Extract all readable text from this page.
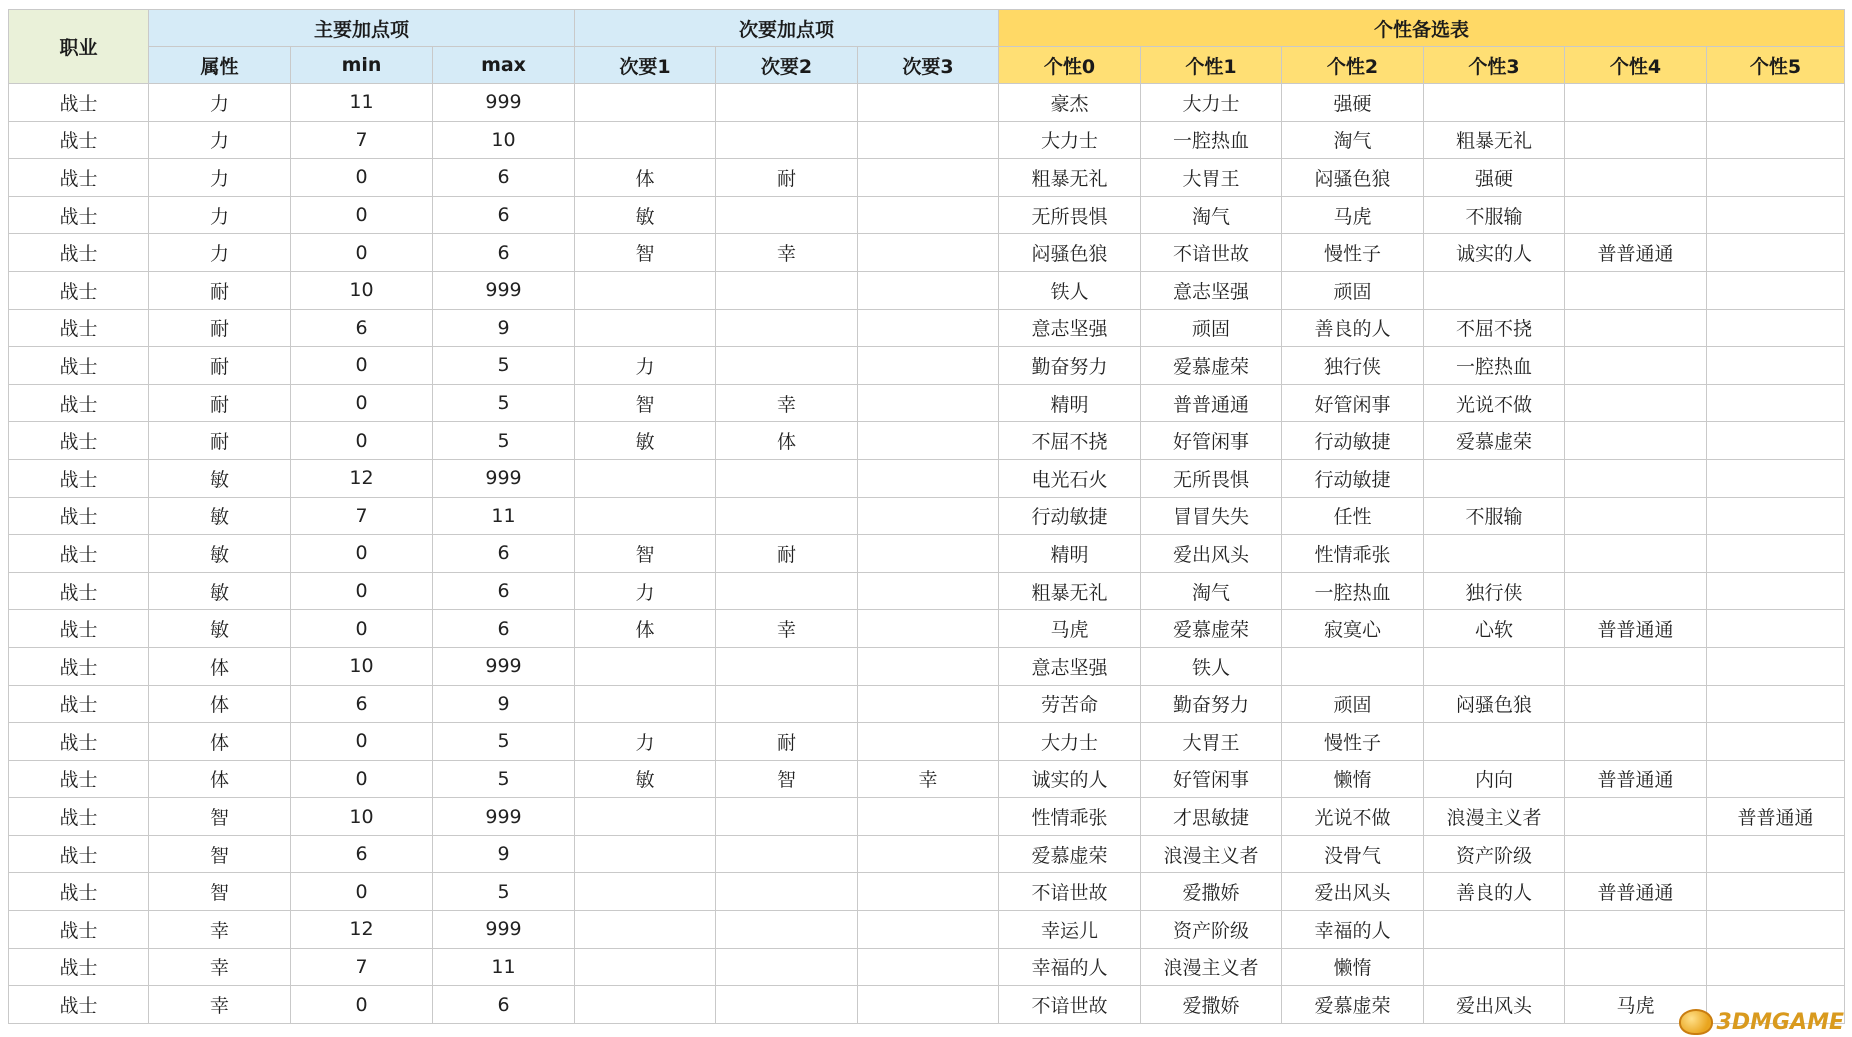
职业	主要加点项			次要加点项			个性备选表					
	属性	min	max	次要1	次要2	次要3	个性0	个性1	个性2	个性3	个性4	个性5
战士	力	11	999				豪杰	大力士	强硬			
战士	力	7	10				大力士	一腔热血	淘气	粗暴无礼		
战士	力	0	6	体	耐		粗暴无礼	大胃王	闷骚色狼	强硬		
战士	力	0	6	敏			无所畏惧	淘气	马虎	不服输		
战士	力	0	6	智	幸		闷骚色狼	不谙世故	慢性子	诚实的人	普普通通	
战士	耐	10	999				铁人	意志坚强	顽固			
战士	耐	6	9				意志坚强	顽固	善良的人	不屈不挠		
战士	耐	0	5	力			勤奋努力	爱慕虚荣	独行侠	一腔热血		
战士	耐	0	5	智	幸		精明	普普通通	好管闲事	光说不做		
战士	耐	0	5	敏	体		不屈不挠	好管闲事	行动敏捷	爱慕虚荣		
战士	敏	12	999				电光石火	无所畏惧	行动敏捷			
战士	敏	7	11				行动敏捷	冒冒失失	任性	不服输		
战士	敏	0	6	智	耐		精明	爱出风头	性情乖张			
战士	敏	0	6	力			粗暴无礼	淘气	一腔热血	独行侠		
战士	敏	0	6	体	幸		马虎	爱慕虚荣	寂寞心	心软	普普通通	
战士	体	10	999				意志坚强	铁人				
战士	体	6	9				劳苦命	勤奋努力	顽固	闷骚色狼		
战士	体	0	5	力	耐		大力士	大胃王	慢性子			
战士	体	0	5	敏	智	幸	诚实的人	好管闲事	懒惰	内向	普普通通	
战士	智	10	999				性情乖张	才思敏捷	光说不做	浪漫主义者		普普通通
战士	智	6	9				爱慕虚荣	浪漫主义者	没骨气	资产阶级		
战士	智	0	5				不谙世故	爱撒娇	爱出风头	善良的人	普普通通	
战士	幸	12	999				幸运儿	资产阶级	幸福的人			
战士	幸	7	11				幸福的人	浪漫主义者	懒惰			
战士	幸	0	6				不谙世故	爱撒娇	爱慕虚荣	爱出风头	马虎	
3DMGAME
